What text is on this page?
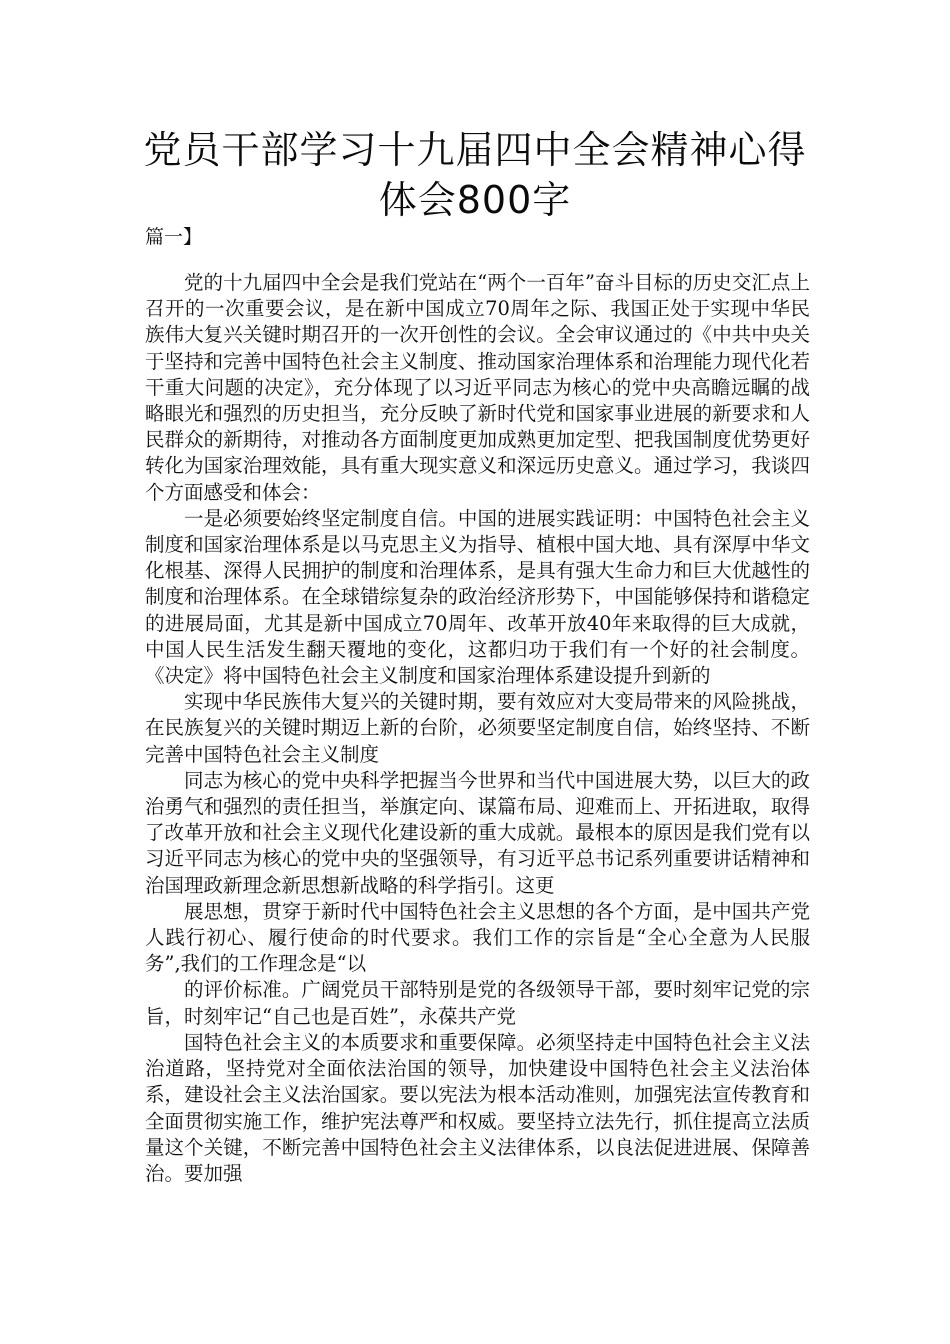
党员干部学习十九届四中全会精神心得
体会800字

篇一】

党的十九届四中全会是我们党站在“两个一百年”奋斗目标的历史交汇点上召开的一次重要会议，是在新中国成立70周年之际、我国正处于实现中华民族伟大复兴关键时期召开的一次开创性的会议。全会审议通过的《中共中央关于坚持和完善中国特色社会主义制度、推动国家治理体系和治理能力现代化若干重大问题的决定》，充分体现了以习近平同志为核心的党中央高瞻远瞩的战略眼光和强烈的历史担当，充分反映了新时代党和国家事业进展的新要求和人民群众的新期待，对推动各方面制度更加成熟更加定型、把我国制度优势更好转化为国家治理效能，具有重大现实意义和深远历史意义。通过学习，我谈四个方面感受和体会：

一是必须要始终坚定制度自信。中国的进展实践证明：中国特色社会主义制度和国家治理体系是以马克思主义为指导、植根中国大地、具有深厚中华文化根基、深得人民拥护的制度和治理体系，是具有强大生命力和巨大优越性的制度和治理体系。在全球错综复杂的政治经济形势下，中国能够保持和谐稳定的进展局面，尤其是新中国成立70周年、改革开放40年来取得的巨大成就，中国人民生活发生翻天覆地的变化，这都归功于我们有一个好的社会制度。《决定》将中国特色社会主义制度和国家治理体系建设提升到新的

实现中华民族伟大复兴的关键时期，要有效应对大变局带来的风险挑战，在民族复兴的关键时期迈上新的台阶，必须要坚定制度自信，始终坚持、不断完善中国特色社会主义制度

同志为核心的党中央科学把握当今世界和当代中国进展大势，以巨大的政治勇气和强烈的责任担当，举旗定向、谋篇布局、迎难而上、开拓进取，取得了改革开放和社会主义现代化建设新的重大成就。最根本的原因是我们党有以习近平同志为核心的党中央的坚强领导，有习近平总书记系列重要讲话精神和治国理政新理念新思想新战略的科学指引。这更

展思想，贯穿于新时代中国特色社会主义思想的各个方面，是中国共产党人践行初心、履行使命的时代要求。我们工作的宗旨是“全心全意为人民服务”,我们的工作理念是“以

的评价标准。广阔党员干部特别是党的各级领导干部，要时刻牢记党的宗旨，时刻牢记“自己也是百姓”，永葆共产党

国特色社会主义的本质要求和重要保障。必须坚持走中国特色社会主义法治道路，坚持党对全面依法治国的领导，加快建设中国特色社会主义法治体系，建设社会主义法治国家。要以宪法为根本活动准则，加强宪法宣传教育和全面贯彻实施工作，维护宪法尊严和权威。要坚持立法先行，抓住提高立法质量这个关键，不断完善中国特色社会主义法律体系，以良法促进进展、保障善治。要加强
